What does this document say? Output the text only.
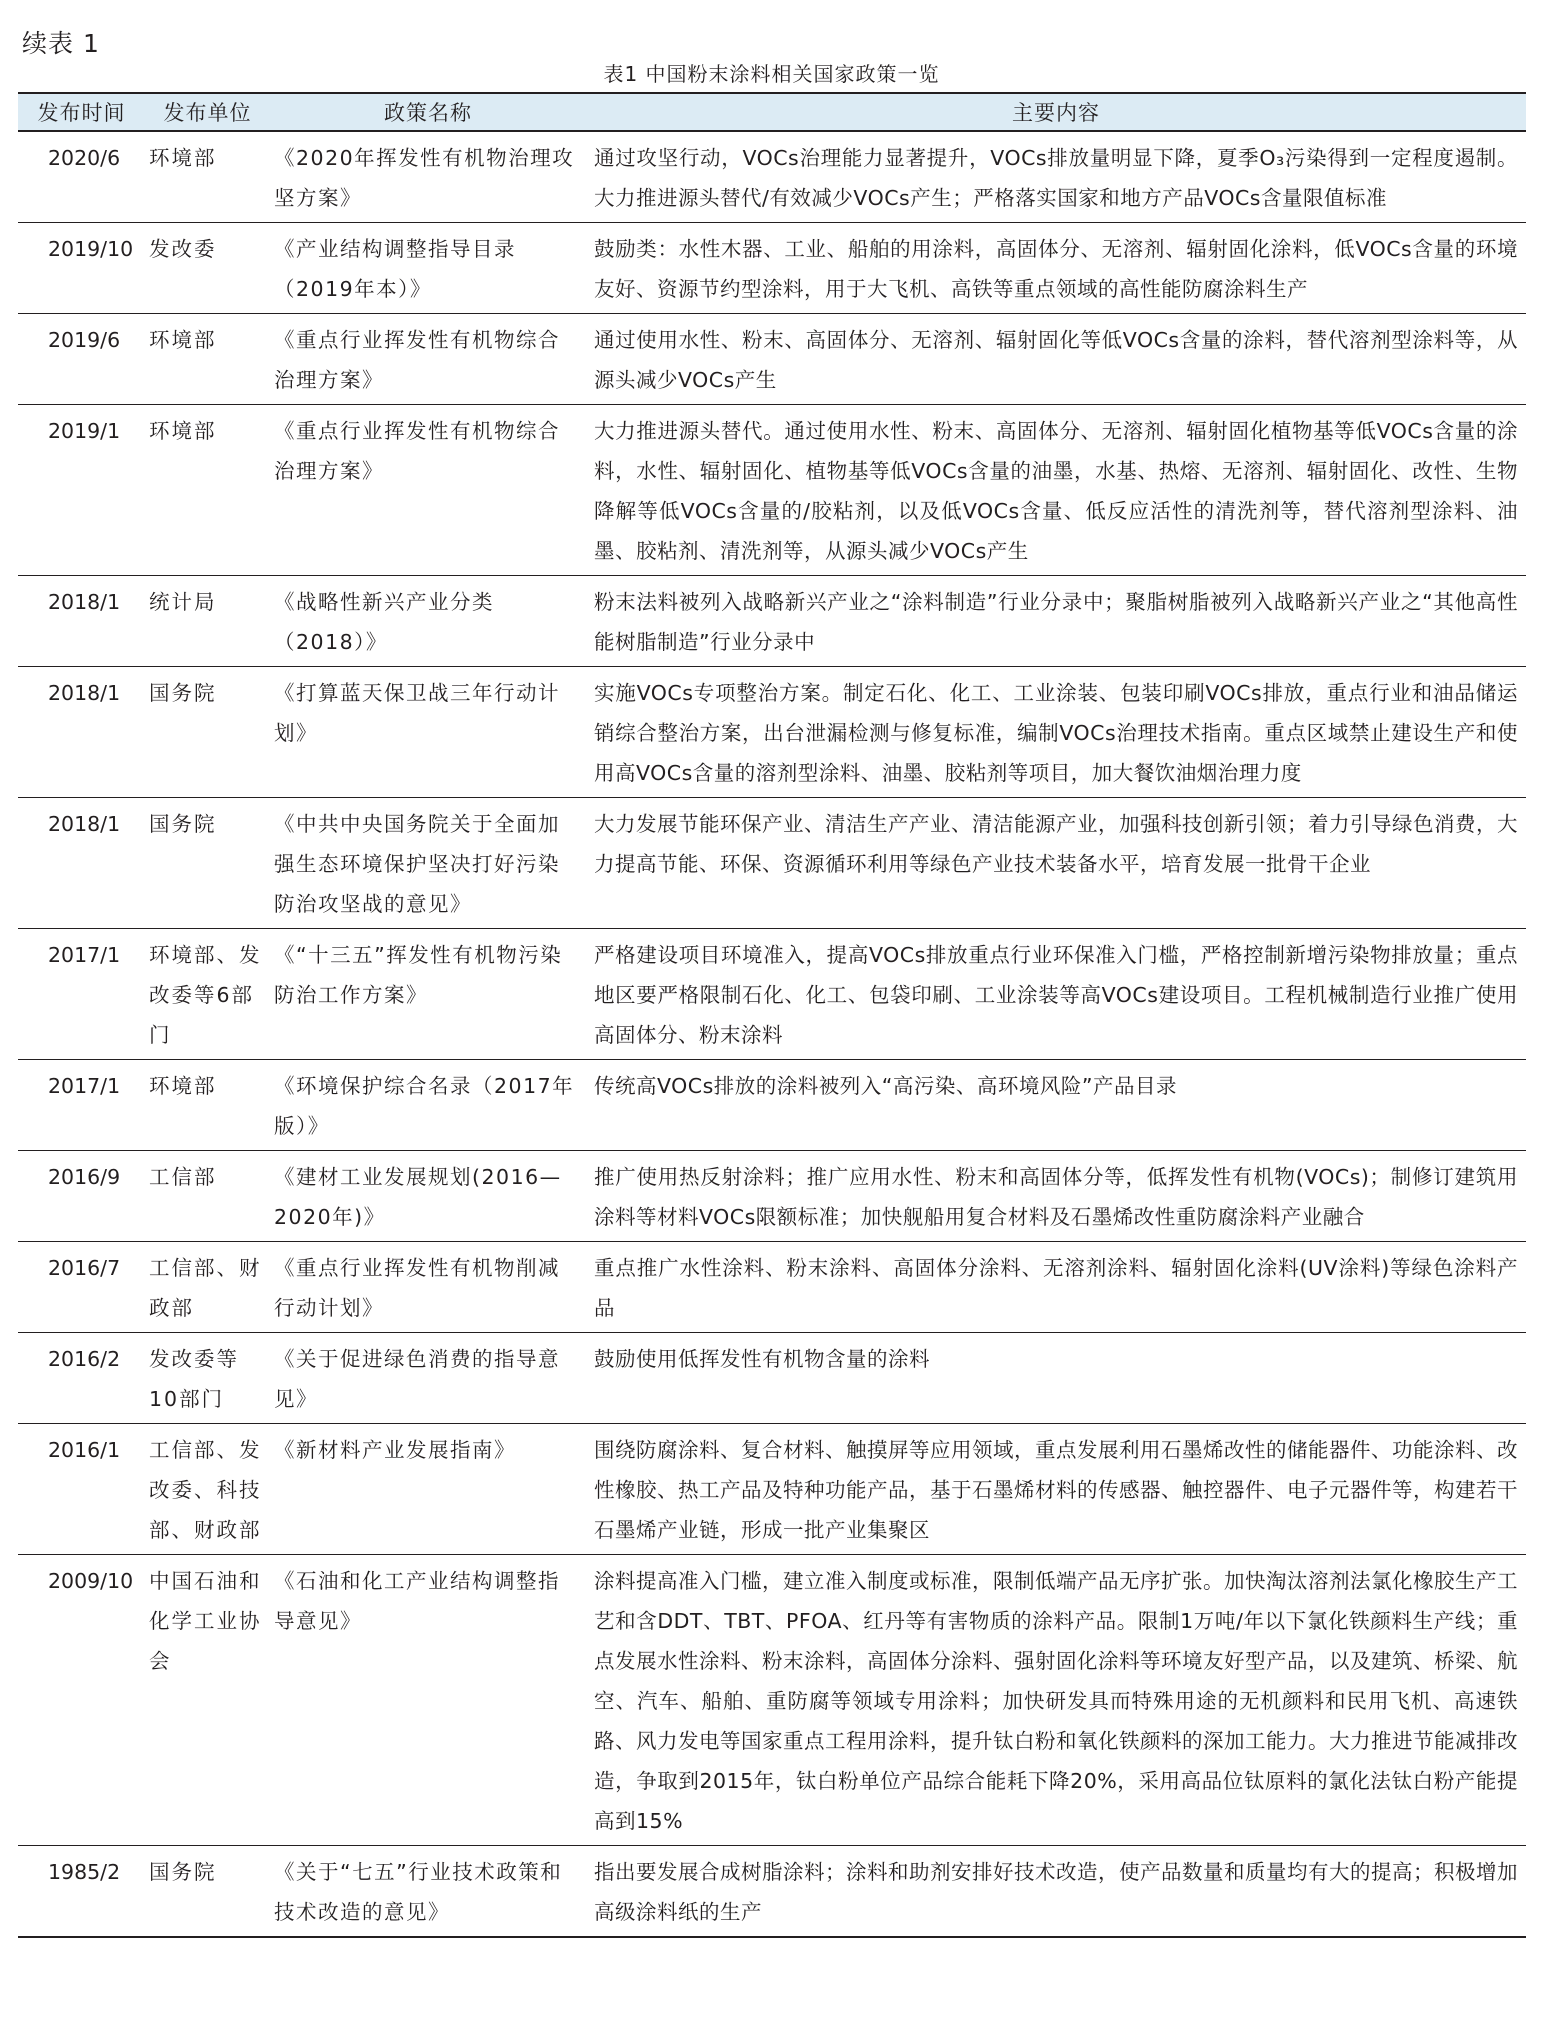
续表 1
表1 中国粉末涂料相关国家政策一览
发布时间	发布单位	政策名称	主要内容
2020/6	环境部	《2020年挥发性有机物治理攻坚方案》	通过攻坚行动，VOCs治理能力显著提升，VOCs排放量明显下降，夏季O₃污染得到一定程度遏制。大力推进源头替代/有效减少VOCs产生；严格落实国家和地方产品VOCs含量限值标准
2019/10	发改委	《产业结构调整指导目录（2019年本）》	鼓励类：水性木器、工业、船舶的用涂料，高固体分、无溶剂、辐射固化涂料，低VOCs含量的环境友好、资源节约型涂料，用于大飞机、高铁等重点领域的高性能防腐涂料生产
2019/6	环境部	《重点行业挥发性有机物综合治理方案》	通过使用水性、粉末、高固体分、无溶剂、辐射固化等低VOCs含量的涂料，替代溶剂型涂料等，从源头减少VOCs产生
2019/1	环境部	《重点行业挥发性有机物综合治理方案》	大力推进源头替代。通过使用水性、粉末、高固体分、无溶剂、辐射固化植物基等低VOCs含量的涂料，水性、辐射固化、植物基等低VOCs含量的油墨，水基、热熔、无溶剂、辐射固化、改性、生物降解等低VOCs含量的/胶粘剂，以及低VOCs含量、低反应活性的清洗剂等，替代溶剂型涂料、油墨、胶粘剂、清洗剂等，从源头减少VOCs产生
2018/1	统计局	《战略性新兴产业分类（2018）》	粉末法料被列入战略新兴产业之“涂料制造”行业分录中；聚脂树脂被列入战略新兴产业之“其他高性能树脂制造”行业分录中
2018/1	国务院	《打算蓝天保卫战三年行动计划》	实施VOCs专项整治方案。制定石化、化工、工业涂装、包装印刷VOCs排放，重点行业和油品储运销综合整治方案，出台泄漏检测与修复标准，编制VOCs治理技术指南。重点区域禁止建设生产和使用高VOCs含量的溶剂型涂料、油墨、胶粘剂等项目，加大餐饮油烟治理力度
2018/1	国务院	《中共中央国务院关于全面加强生态环境保护坚决打好污染防治攻坚战的意见》	大力发展节能环保产业、清洁生产产业、清洁能源产业，加强科技创新引领；着力引导绿色消费，大力提高节能、环保、资源循环利用等绿色产业技术装备水平，培育发展一批骨干企业
2017/1	环境部、发改委等6部门	《“十三五”挥发性有机物污染防治工作方案》	严格建设项目环境准入，提高VOCs排放重点行业环保准入门槛，严格控制新增污染物排放量；重点地区要严格限制石化、化工、包袋印刷、工业涂装等高VOCs建设项目。工程机械制造行业推广使用高固体分、粉末涂料
2017/1	环境部	《环境保护综合名录（2017年版）》	传统高VOCs排放的涂料被列入“高污染、高环境风险”产品目录
2016/9	工信部	《建材工业发展规划(2016—2020年)》	推广使用热反射涂料；推广应用水性、粉末和高固体分等，低挥发性有机物(VOCs)；制修订建筑用涂料等材料VOCs限额标准；加快舰船用复合材料及石墨烯改性重防腐涂料产业融合
2016/7	工信部、财政部	《重点行业挥发性有机物削减行动计划》	重点推广水性涂料、粉末涂料、高固体分涂料、无溶剂涂料、辐射固化涂料(UV涂料)等绿色涂料产品
2016/2	发改委等10部门	《关于促进绿色消费的指导意见》	鼓励使用低挥发性有机物含量的涂料
2016/1	工信部、发改委、科技部、财政部	《新材料产业发展指南》	围绕防腐涂料、复合材料、触摸屏等应用领域，重点发展利用石墨烯改性的储能器件、功能涂料、改性橡胶、热工产品及特种功能产品，基于石墨烯材料的传感器、触控器件、电子元器件等，构建若干石墨烯产业链，形成一批产业集聚区
2009/10	中国石油和化学工业协会	《石油和化工产业结构调整指导意见》	涂料提高准入门槛，建立准入制度或标准，限制低端产品无序扩张。加快淘汰溶剂法氯化橡胶生产工艺和含DDT、TBT、PFOA、红丹等有害物质的涂料产品。限制1万吨/年以下氯化铁颜料生产线；重点发展水性涂料、粉末涂料，高固体分涂料、强射固化涂料等环境友好型产品，以及建筑、桥梁、航空、汽车、船舶、重防腐等领域专用涂料；加快研发具而特殊用途的无机颜料和民用飞机、高速铁路、风力发电等国家重点工程用涂料，提升钛白粉和氧化铁颜料的深加工能力。大力推进节能减排改造，争取到2015年，钛白粉单位产品综合能耗下降20%，采用高品位钛原料的氯化法钛白粉产能提高到15%
1985/2	国务院	《关于“七五”行业技术政策和技术改造的意见》	指出要发展合成树脂涂料；涂料和助剂安排好技术改造，使产品数量和质量均有大的提高；积极增加高级涂料纸的生产
